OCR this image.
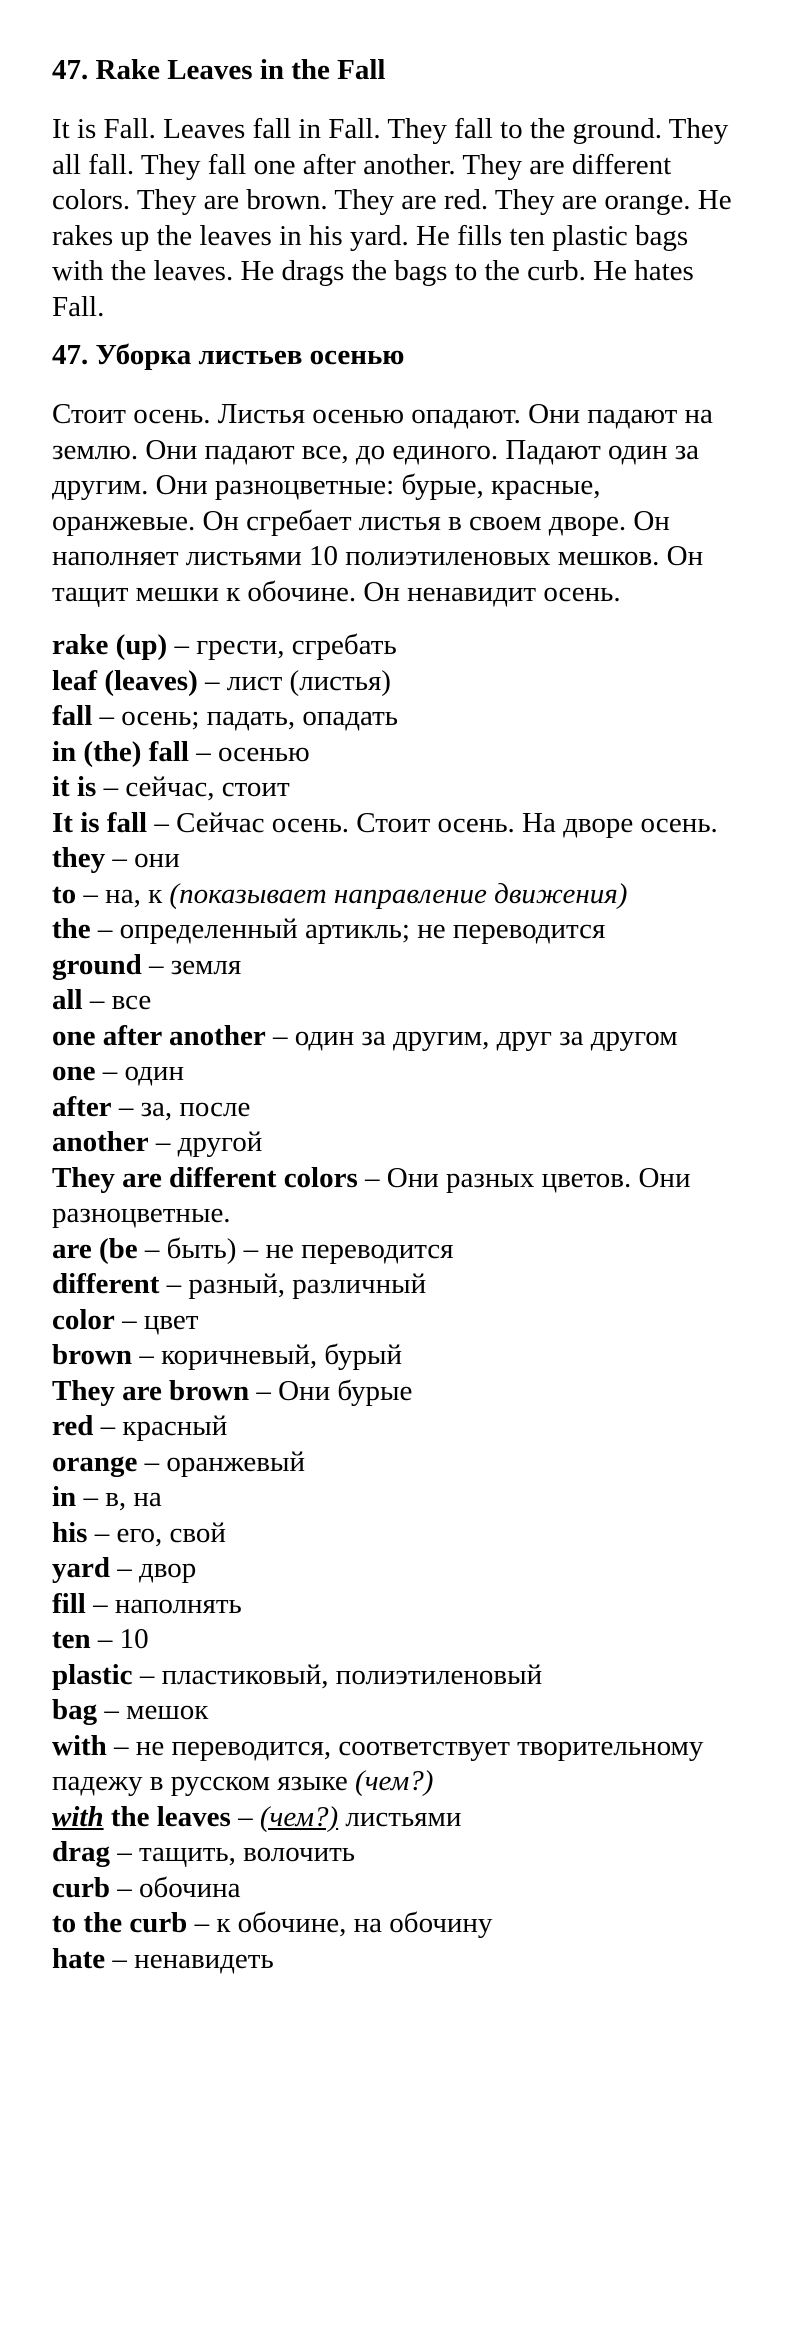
47. Rake Leaves in the Fall

It is Fall. Leaves fall in Fall. They fall to the ground. They all fall. They fall one after another. They are different colors. They are brown. They are red. They are orange. He rakes up the leaves in his yard. He fills ten plastic bags with the leaves. He drags the bags to the curb. He hates Fall.

47. Уборка листьев осенью

Стоит осень. Листья осенью опадают. Они падают на землю. Они падают все, до единого. Падают один за другим. Они разноцветные: бурые, красные, оранжевые. Он сгребает листья в своем дворе. Он наполняет листьями 10 полиэтиленовых мешков. Он тащит мешки к обочине. Он ненавидит осень.

rake (up) – грести, сгребать
leaf (leaves) – лист (листья)
fall – осень; падать, опадать
in (the) fall – осенью
it is – сейчас, стоит
It is fall – Сейчас осень. Стоит осень. На дворе осень.
they – они
to – на, к (показывает направление движения)
the – определенный артикль; не переводится
ground – земля
all – все
one after another – один за другим, друг за другом
one – один
after – за, после
another – другой
They are different colors – Они разных цветов. Они разноцветные.
are (be – быть) – не переводится
different – разный, различный
color – цвет
brown – коричневый, бурый
They are brown – Они бурые
red – красный
orange – оранжевый
in – в, на
his – его, свой
yard – двор
fill – наполнять
ten – 10
plastic – пластиковый, полиэтиленовый
bag – мешок
with – не переводится, соответствует творительному падежу в русском языке (чем?)
with the leaves – (чем?) листьями
drag – тащить, волочить
curb – обочина
to the curb – к обочине, на обочину
hate – ненавидеть
